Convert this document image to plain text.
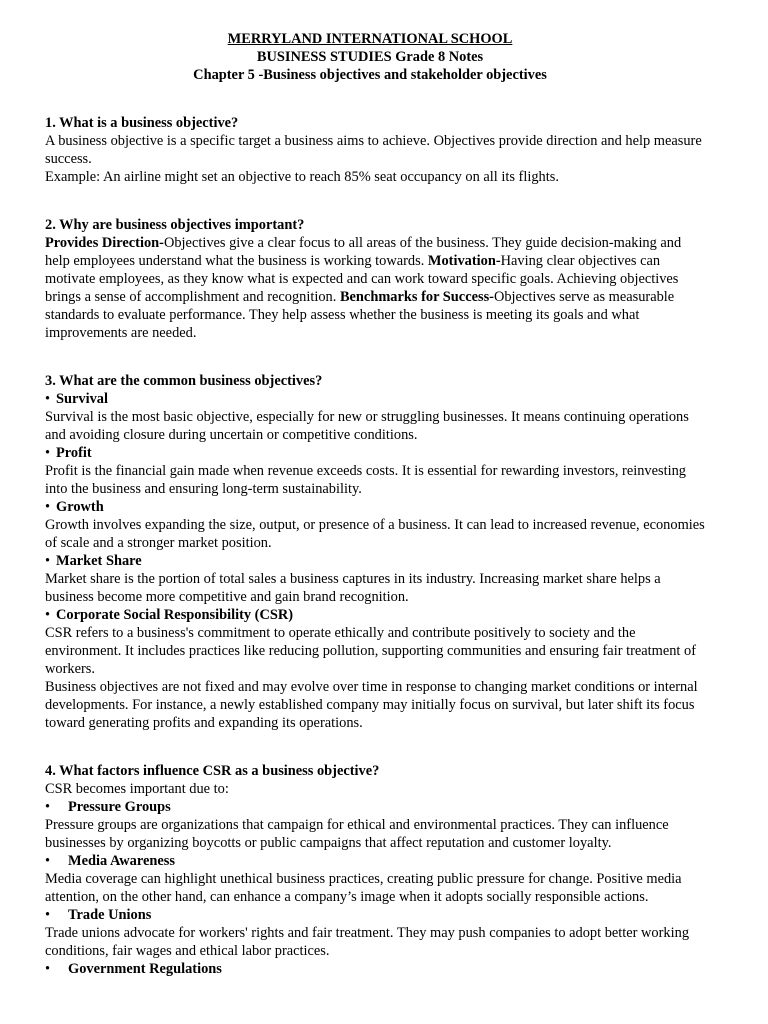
MERRYLAND INTERNATIONAL SCHOOL
BUSINESS STUDIES Grade 8 Notes
Chapter 5 -Business objectives and stakeholder objectives

1. What is a business objective?

A business objective is a specific target a business aims to achieve. Objectives provide direction and help measure success.

Example: An airline might set an objective to reach 85% seat occupancy on all its flights.

2. Why are business objectives important?

Provides Direction-Objectives give a clear focus to all areas of the business. They guide decision-making and help employees understand what the business is working towards. Motivation-Having clear objectives can motivate employees, as they know what is expected and can work toward specific goals. Achieving objectives brings a sense of accomplishment and recognition. Benchmarks for Success-Objectives serve as measurable standards to evaluate performance. They help assess whether the business is meeting its goals and what improvements are needed.

3. What are the common business objectives?

• Survival

Survival is the most basic objective, especially for new or struggling businesses. It means continuing operations and avoiding closure during uncertain or competitive conditions.

• Profit

Profit is the financial gain made when revenue exceeds costs. It is essential for rewarding investors, reinvesting into the business and ensuring long-term sustainability.

• Growth

Growth involves expanding the size, output, or presence of a business. It can lead to increased revenue, economies of scale and a stronger market position.

• Market Share

Market share is the portion of total sales a business captures in its industry. Increasing market share helps a business become more competitive and gain brand recognition.

• Corporate Social Responsibility (CSR)

CSR refers to a business's commitment to operate ethically and contribute positively to society and the environment. It includes practices like reducing pollution, supporting communities and ensuring fair treatment of workers.

Business objectives are not fixed and may evolve over time in response to changing market conditions or internal developments. For instance, a newly established company may initially focus on survival, but later shift its focus toward generating profits and expanding its operations.

4. What factors influence CSR as a business objective?

CSR becomes important due to:

• Pressure Groups

Pressure groups are organizations that campaign for ethical and environmental practices. They can influence businesses by organizing boycotts or public campaigns that affect reputation and customer loyalty.

• Media Awareness

Media coverage can highlight unethical business practices, creating public pressure for change. Positive media attention, on the other hand, can enhance a company’s image when it adopts socially responsible actions.

• Trade Unions

Trade unions advocate for workers' rights and fair treatment. They may push companies to adopt better working conditions, fair wages and ethical labor practices.

• Government Regulations
